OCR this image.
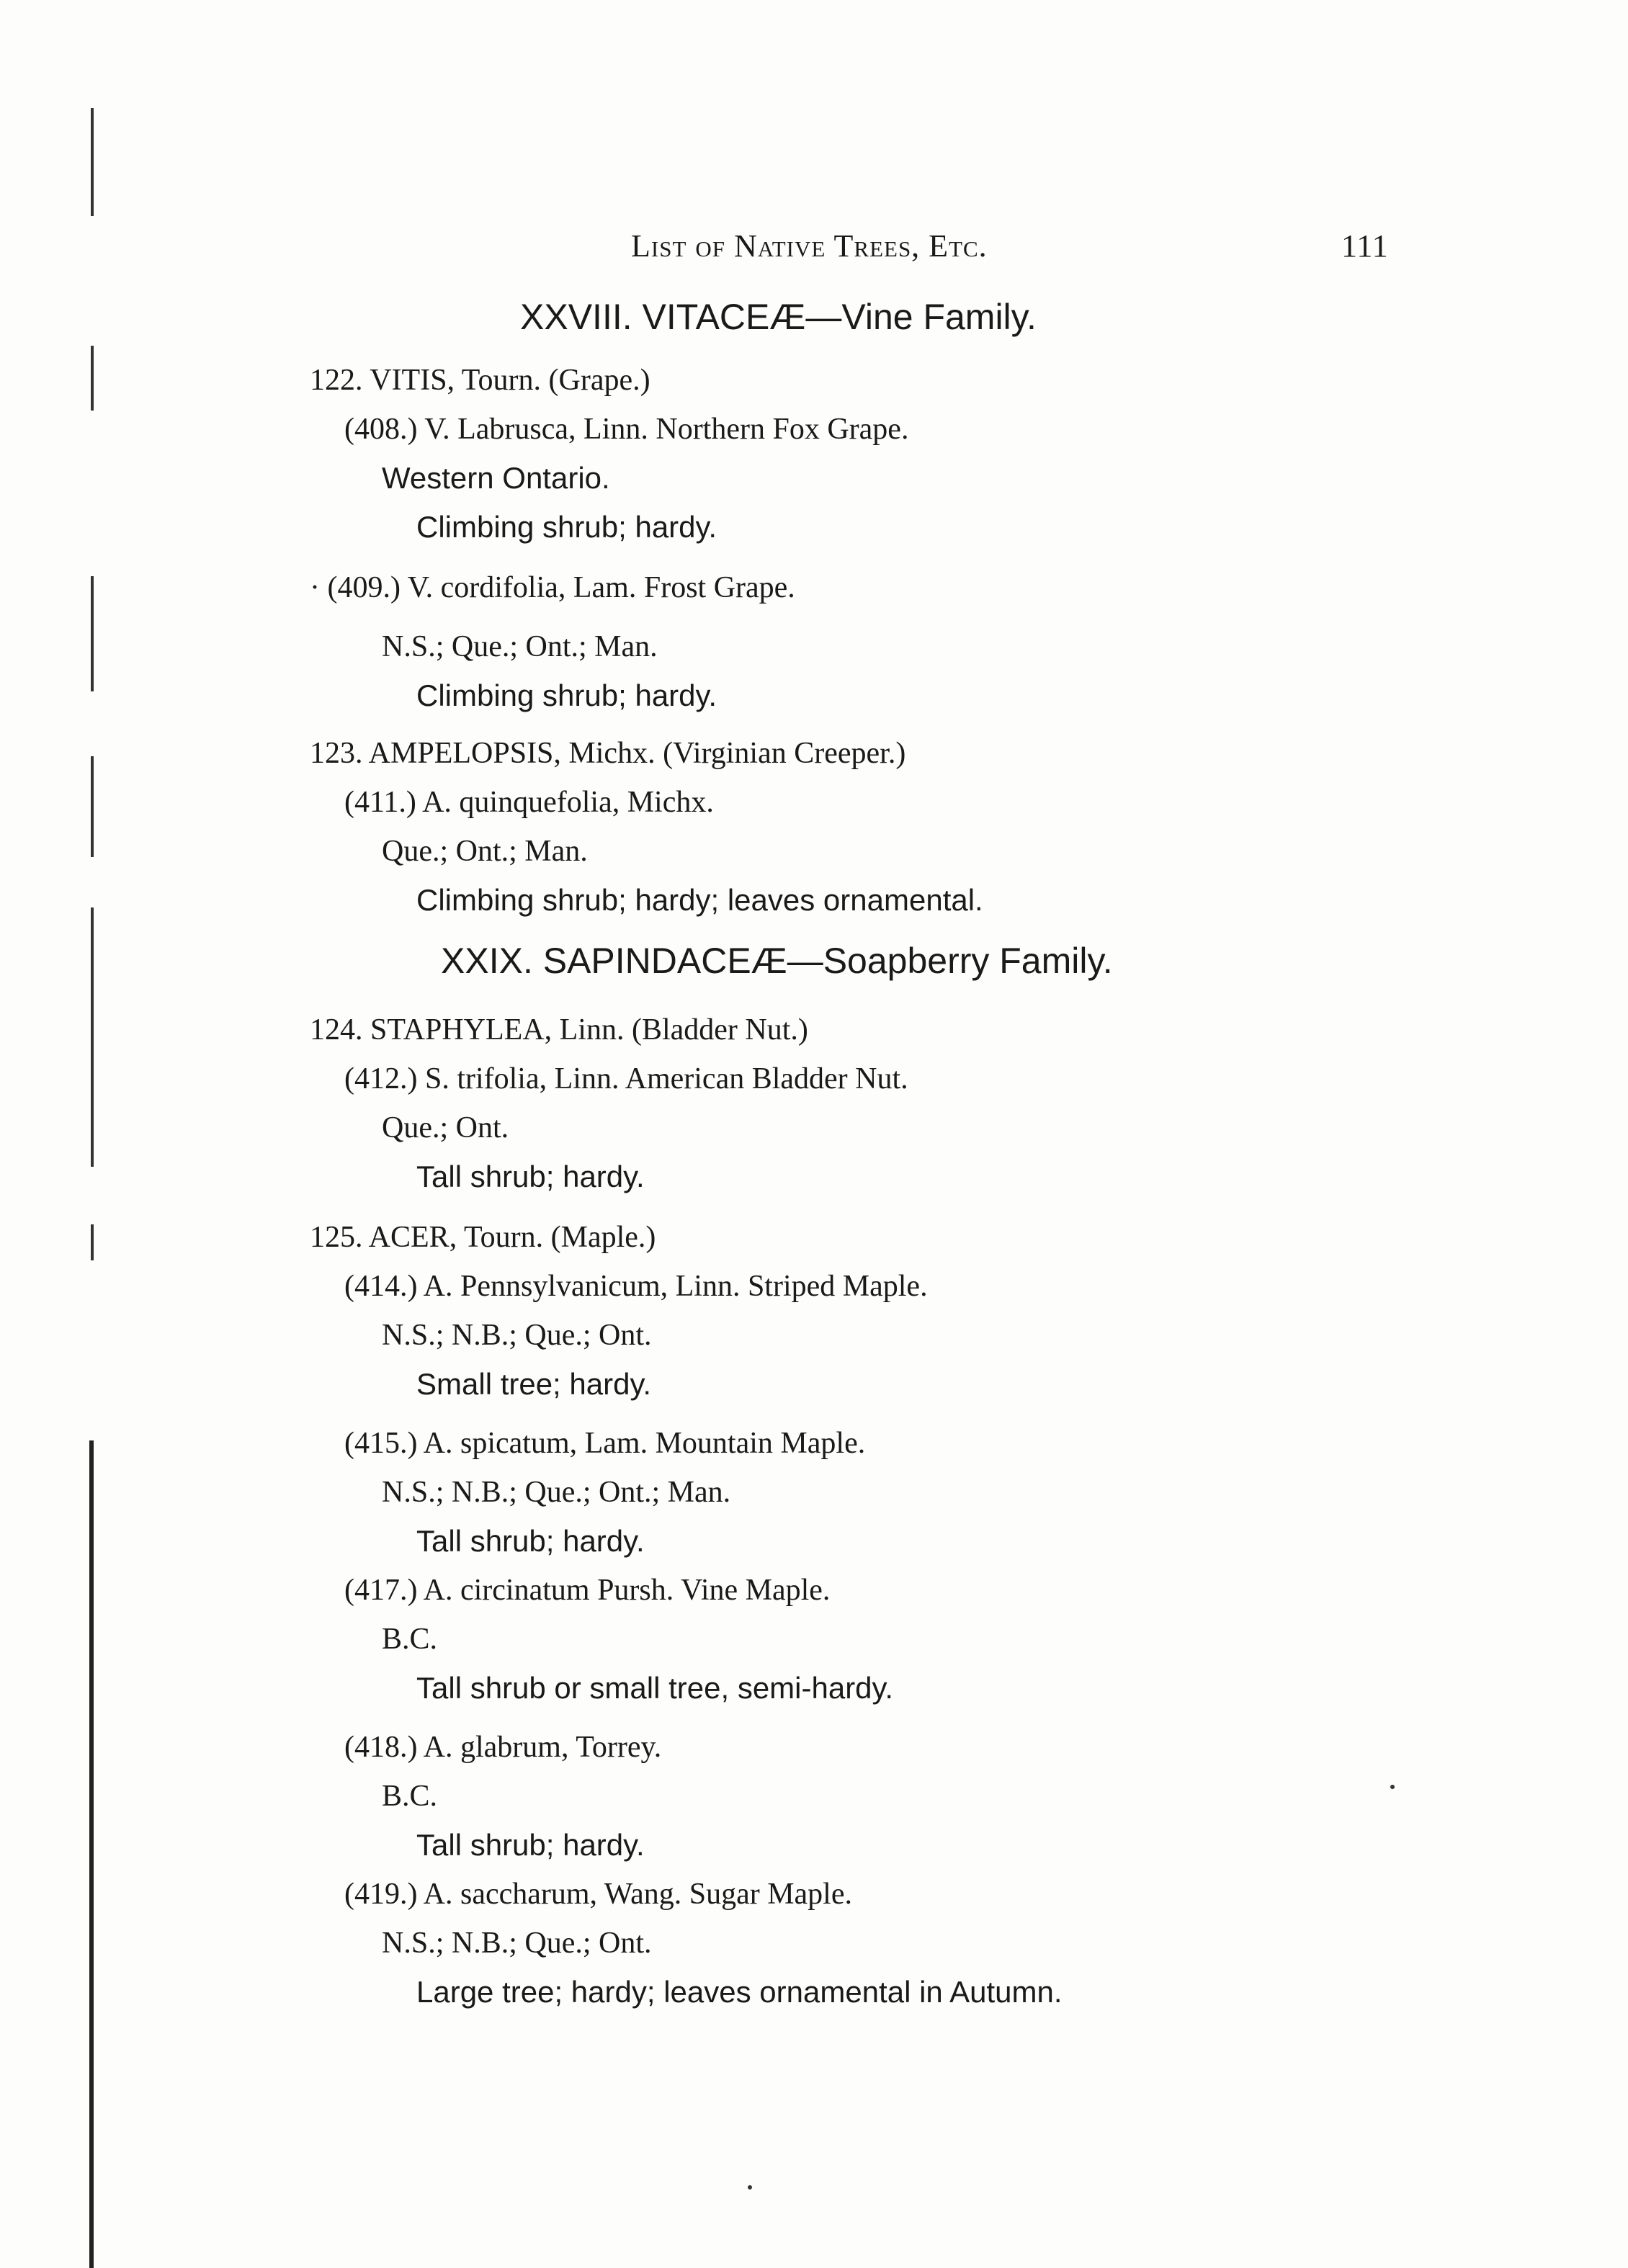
List of Native Trees, Etc.	111
XXVIII. VITACEÆ—Vine Family.
122. VITIS, Tourn. (Grape.)
(408.) V. Labrusca, Linn. Northern Fox Grape.
Western Ontario.
Climbing shrub; hardy.
· (409.) V. cordifolia, Lam. Frost Grape.
N.S.; Que.; Ont.; Man.
Climbing shrub; hardy.
123. AMPELOPSIS, Michx. (Virginian Creeper.)
(411.) A. quinquefolia, Michx.
Que.; Ont.; Man.
Climbing shrub; hardy; leaves ornamental.
XXIX. SAPINDACEÆ—Soapberry Family.
124. STAPHYLEA, Linn. (Bladder Nut.)
(412.) S. trifolia, Linn. American Bladder Nut.
Que.; Ont.
Tall shrub; hardy.
125. ACER, Tourn. (Maple.)
(414.) A. Pennsylvanicum, Linn. Striped Maple.
N.S.; N.B.; Que.; Ont.
Small tree; hardy.
(415.) A. spicatum, Lam. Mountain Maple.
N.S.; N.B.; Que.; Ont.; Man.
Tall shrub; hardy.
(417.) A. circinatum Pursh. Vine Maple.
B.C.
Tall shrub or small tree, semi-hardy.
(418.) A. glabrum, Torrey.
B.C.
Tall shrub; hardy.
(419.) A. saccharum, Wang. Sugar Maple.
N.S.; N.B.; Que.; Ont.
Large tree; hardy; leaves ornamental in Autumn.
